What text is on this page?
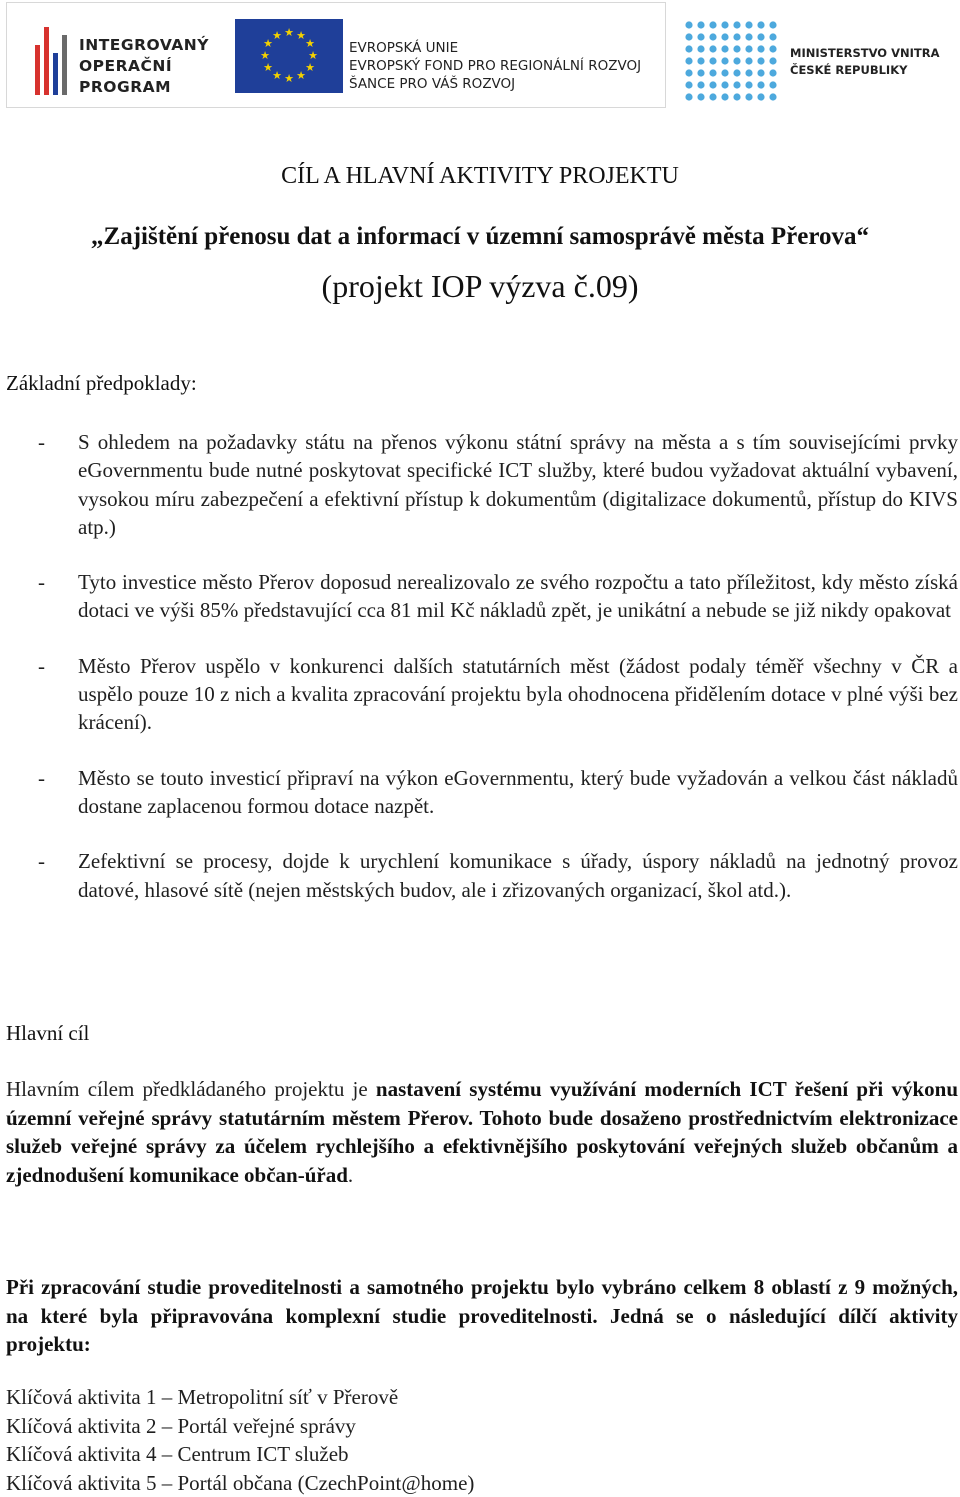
INTEGROVANÝ
OPERAČNÍ
PROGRAM
★ ★
★
★
★
★
★
★
★
★
★
★
EVROPSKÁ UNIE
EVROPSKÝ FOND PRO REGIONÁLNÍ ROZVOJ
ŠANCE PRO VÁŠ ROZVOJ
MINISTERSTVO VNITRA
ČESKÉ REPUBLIKY
CÍL A HLAVNÍ AKTIVITY PROJEKTU
„Zajištění přenosu dat a informací v územní samosprávě města Přerova“
(projekt IOP výzva č.09)
Základní předpoklady:
- S ohledem na požadavky státu na přenos výkonu státní správy na města a s tím souvisejícími prvky eGovernmentu bude nutné poskytovat specifické ICT služby, které budou vyžadovat aktuální vybavení, vysokou míru zabezpečení a efektivní přístup k dokumentům (digitalizace dokumentů, přístup do KIVS atp.)
- Tyto investice město Přerov doposud nerealizovalo ze svého rozpočtu a tato příležitost, kdy město získá dotaci ve výši 85% představující cca 81 mil Kč nákladů zpět, je unikátní a nebude se již nikdy opakovat
- Město Přerov uspělo v konkurenci dalších statutárních měst (žádost podaly téměř všechny v ČR a uspělo pouze 10 z nich a kvalita zpracování projektu byla ohodnocena přidělením dotace v plné výši bez krácení).
- Město se touto investicí připraví na výkon eGovernmentu, který bude vyžadován a velkou část nákladů dostane zaplacenou formou dotace nazpět.
- Zefektivní se procesy, dojde k urychlení komunikace s úřady, úspory nákladů na jednotný provoz datové, hlasové sítě (nejen městských budov, ale i zřizovaných organizací, škol atd.).
Hlavní cíl
Hlavním cílem předkládaného projektu je nastavení systému využívání moderních ICT řešení při výkonu územní veřejné správy statutárním městem Přerov. Tohoto bude dosaženo prostřednictvím elektronizace služeb veřejné správy za účelem rychlejšího a efektivnějšího poskytování veřejných služeb občanům a zjednodušení komunikace občan-úřad.
Při zpracování studie proveditelnosti a samotného projektu bylo vybráno celkem 8 oblastí z 9 možných, na které byla připravována komplexní studie proveditelnosti. Jedná se o následující dílčí aktivity projektu:
Klíčová aktivita 1 – Metropolitní síť v Přerově
Klíčová aktivita 2 – Portál veřejné správy
Klíčová aktivita 4 – Centrum ICT služeb
Klíčová aktivita 5 – Portál občana (CzechPoint@home)
